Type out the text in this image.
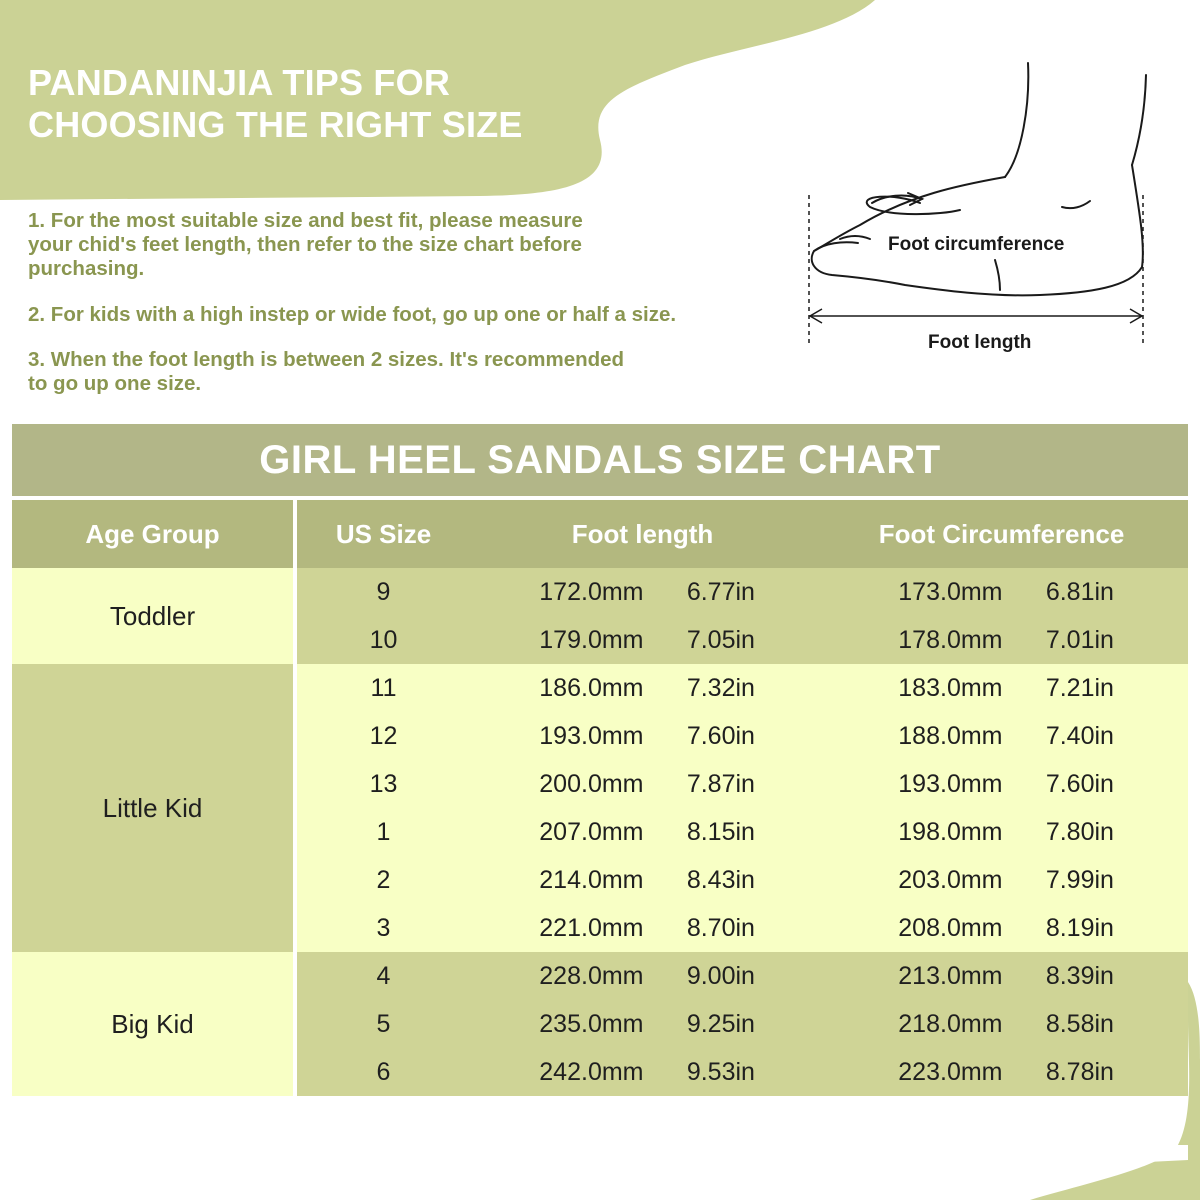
PANDANINJIA TIPS FOR
CHOOSING THE RIGHT SIZE

1. For the most suitable size and best fit, please measure
your chid's feet length, then refer to the size chart before
purchasing.

2. For kids with a high instep or wide foot, go up one or half a size.

3. When the foot length is between 2 sizes. It's recommended
to go up one size.

Foot circumference
Foot length
GIRL HEEL SANDALS SIZE CHART
Age Group	US Size	Foot length	Foot Circumference
Toddler	9	172.0mm 6.77in	173.0mm 6.81in
	10	179.0mm 7.05in	178.0mm 7.01in
Little Kid	11	186.0mm 7.32in	183.0mm 7.21in
	12	193.0mm 7.60in	188.0mm 7.40in
	13	200.0mm 7.87in	193.0mm 7.60in
	1	207.0mm 8.15in	198.0mm 7.80in
	2	214.0mm 8.43in	203.0mm 7.99in
	3	221.0mm 8.70in	208.0mm 8.19in
Big Kid	4	228.0mm 9.00in	213.0mm 8.39in
	5	235.0mm 9.25in	218.0mm 8.58in
	6	242.0mm 9.53in	223.0mm 8.78in
